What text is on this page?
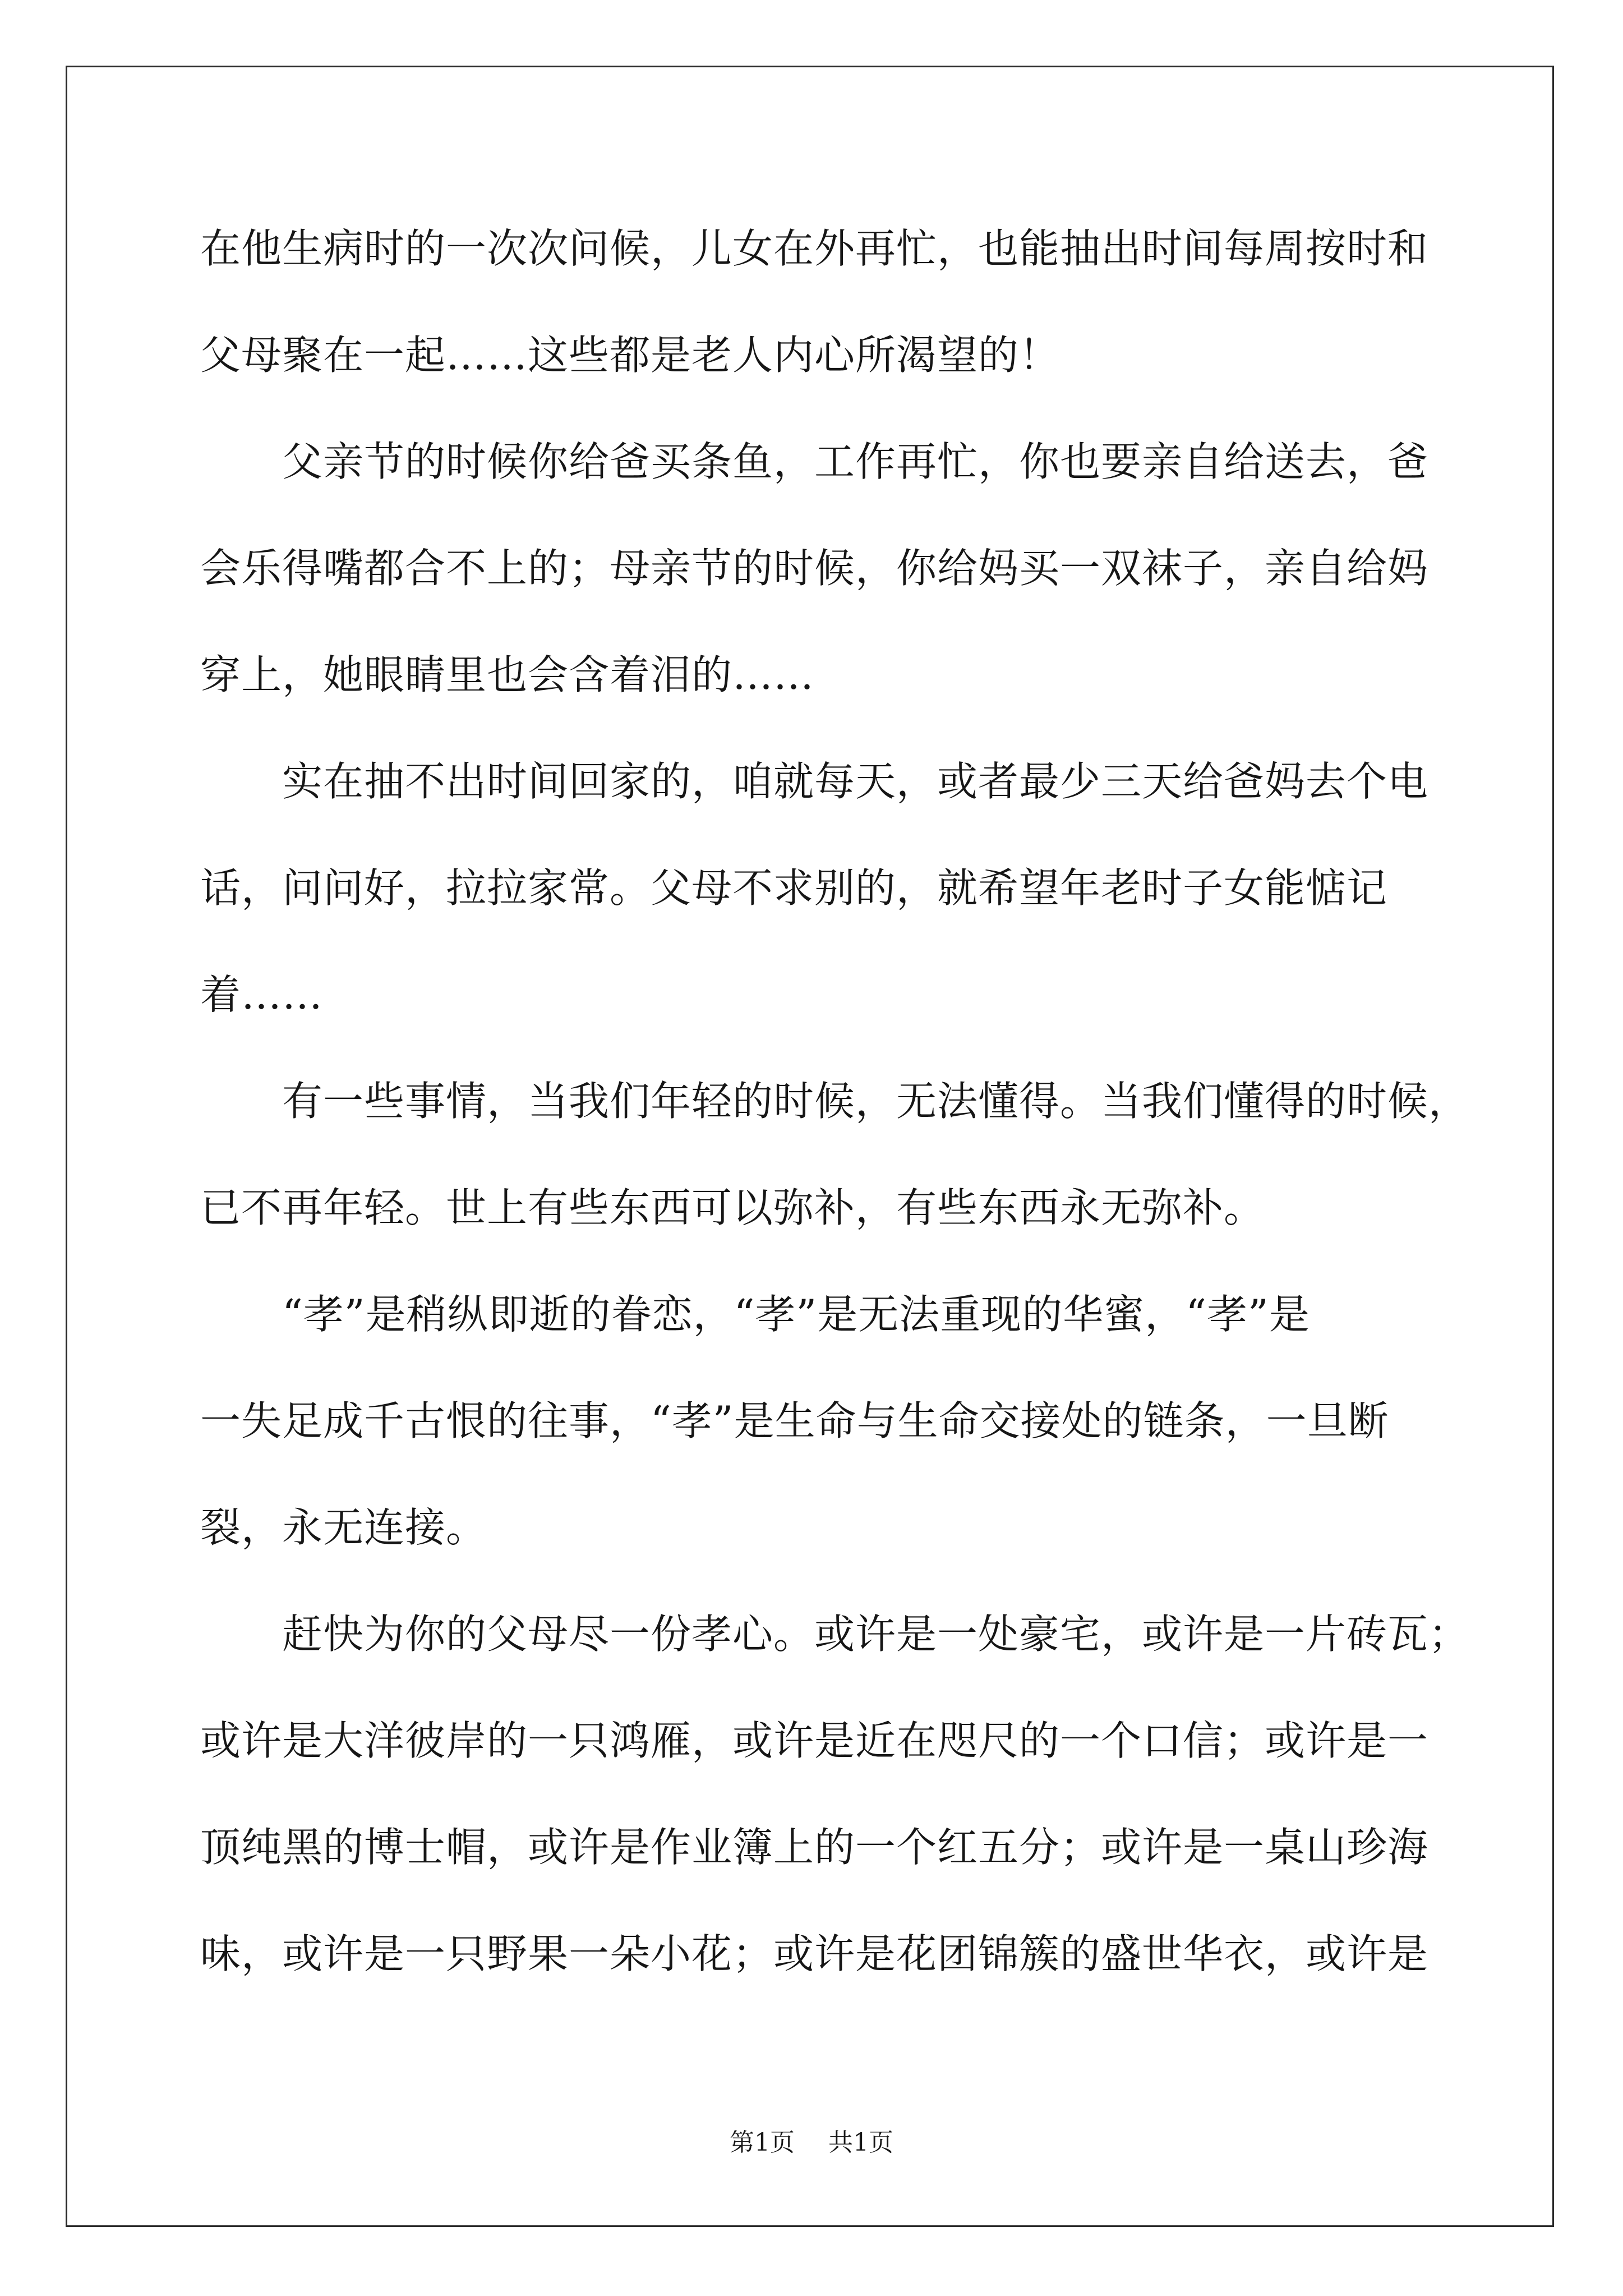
在他生病时的一次次问候，儿女在外再忙，也能抽出时间每周按时和
父母聚在一起……这些都是老人内心所渴望的！
父亲节的时候你给爸买条鱼，工作再忙，你也要亲自给送去，爸
会乐得嘴都合不上的；母亲节的时候，你给妈买一双袜子，亲自给妈
穿上，她眼睛里也会含着泪的……
实在抽不出时间回家的，咱就每天，或者最少三天给爸妈去个电
话，问问好，拉拉家常。父母不求别的，就希望年老时子女能惦记
着……
有一些事情，当我们年轻的时候，无法懂得。当我们懂得的时候，
已不再年轻。世上有些东西可以弥补，有些东西永无弥补。
“孝”是稍纵即逝的眷恋，“孝”是无法重现的华蜜，“孝”是
一失足成千古恨的往事，“孝”是生命与生命交接处的链条，一旦断
裂，永无连接。
赶快为你的父母尽一份孝心。或许是一处豪宅，或许是一片砖瓦；
或许是大洋彼岸的一只鸿雁，或许是近在咫尺的一个口信；或许是一
顶纯黑的博士帽，或许是作业簿上的一个红五分；或许是一桌山珍海
味，或许是一只野果一朵小花；或许是花团锦簇的盛世华衣，或许是
第1页 共1页
